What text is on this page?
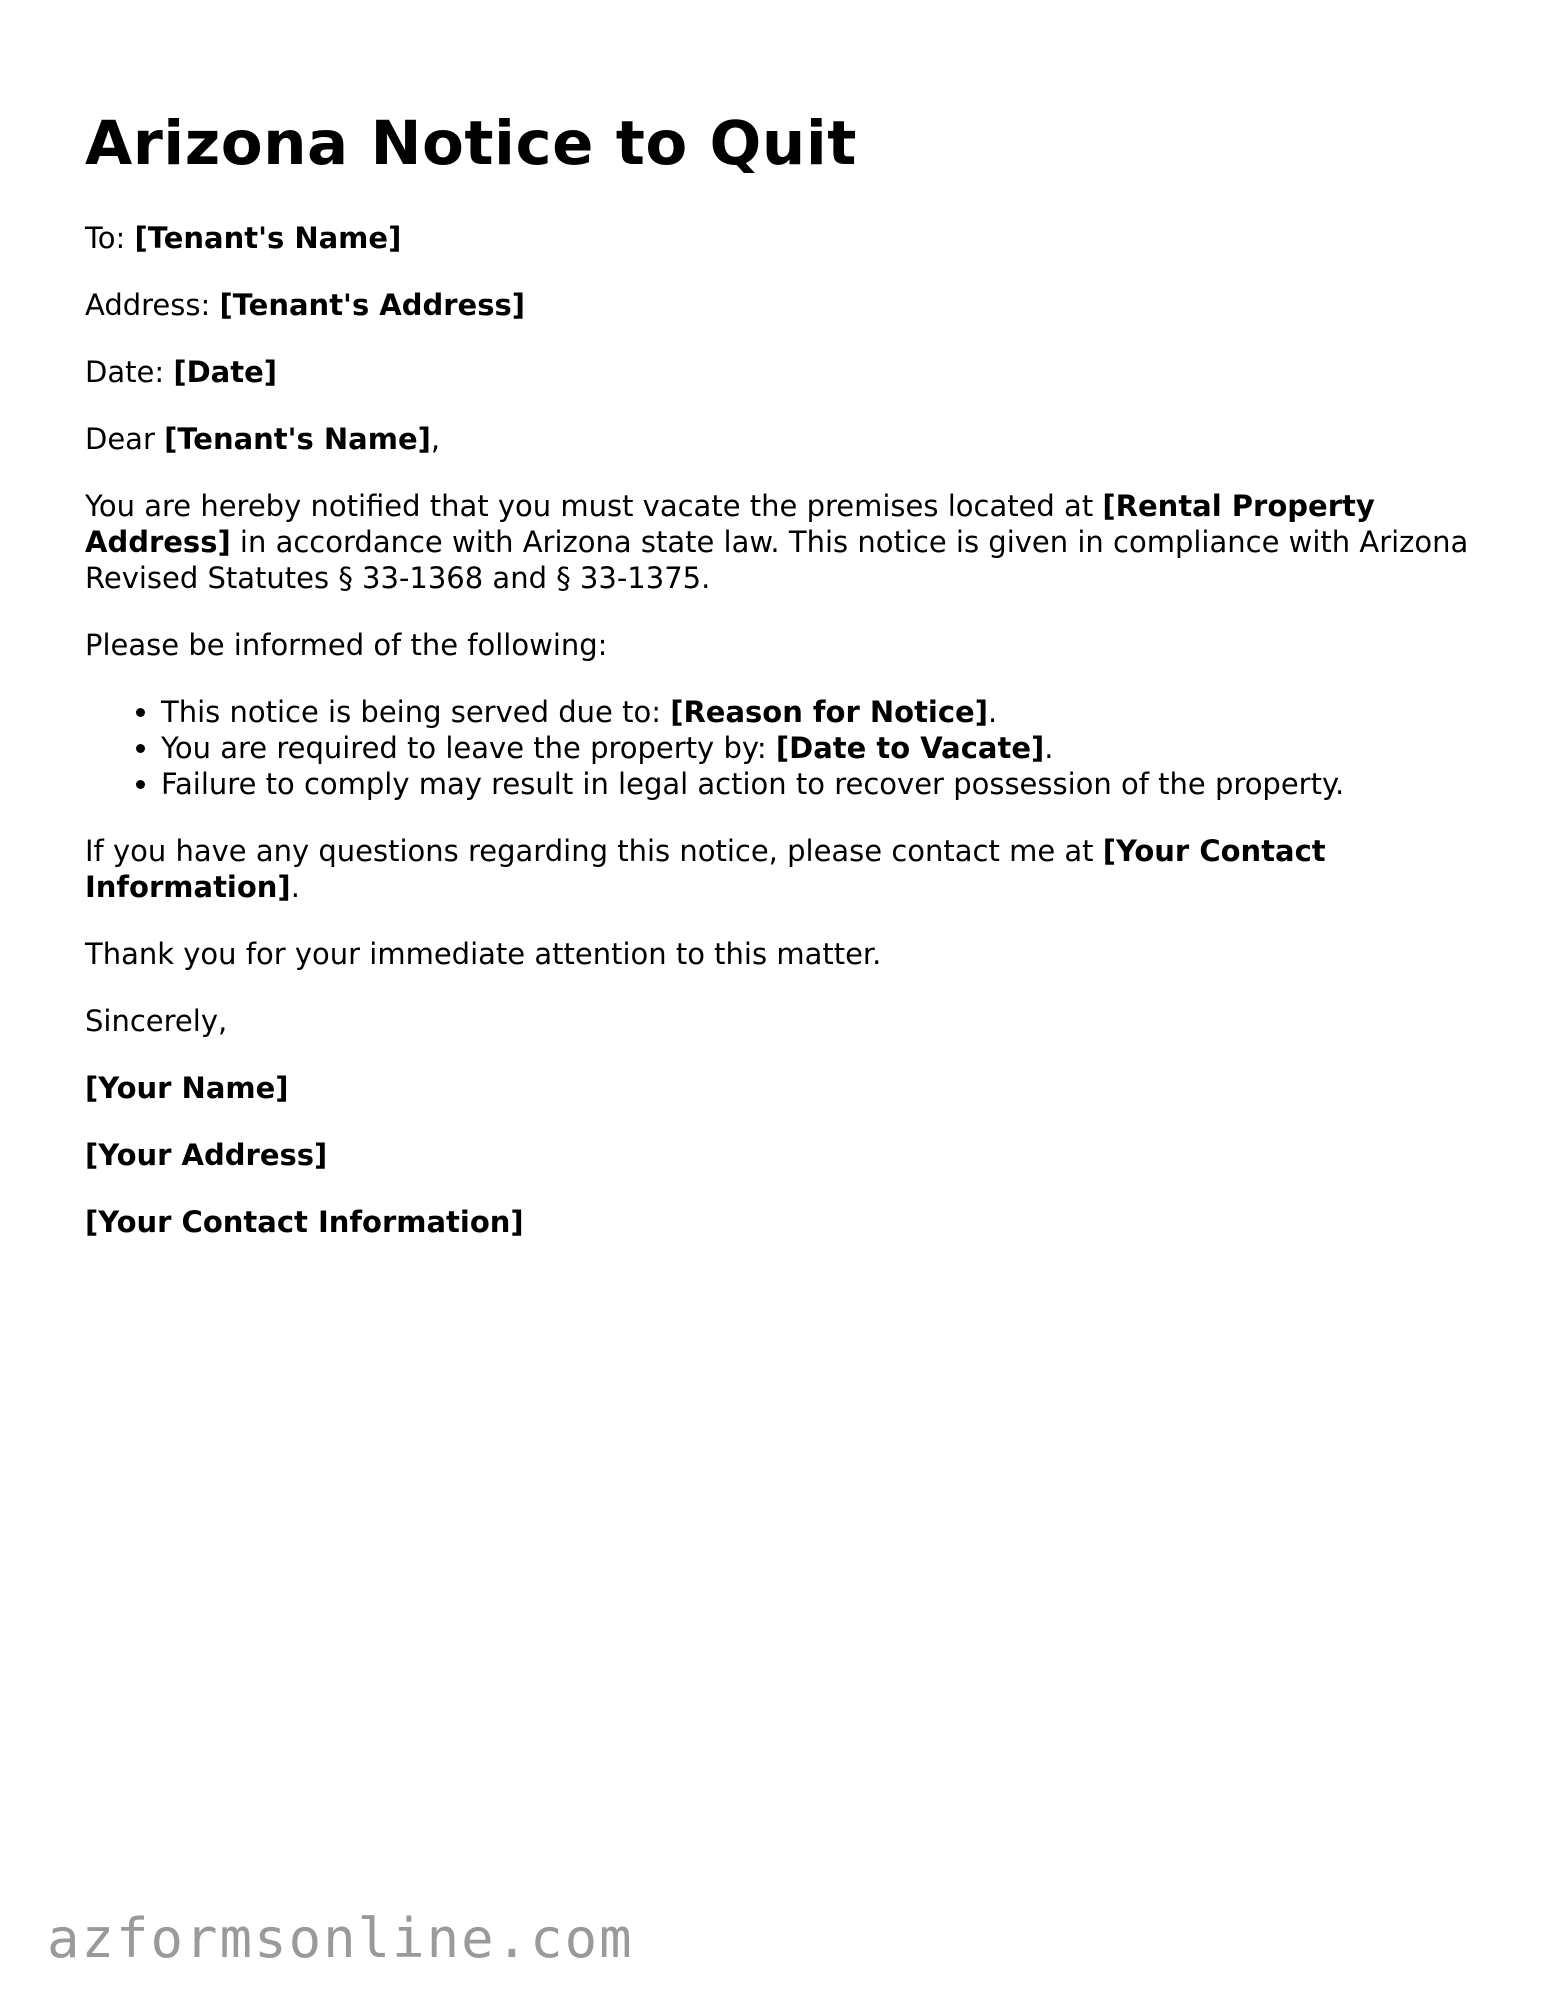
Arizona Notice to Quit

To: [Tenant's Name]

Address: [Tenant's Address]

Date: [Date]

Dear [Tenant's Name],

You are hereby notified that you must vacate the premises located at [Rental Property Address] in accordance with Arizona state law. This notice is given in compliance with Arizona Revised Statutes § 33-1368 and § 33-1375.

Please be informed of the following:

• This notice is being served due to: [Reason for Notice].
• You are required to leave the property by: [Date to Vacate].
• Failure to comply may result in legal action to recover possession of the property.

If you have any questions regarding this notice, please contact me at [Your Contact Information].

Thank you for your immediate attention to this matter.

Sincerely,

[Your Name]

[Your Address]

[Your Contact Information]

azformsonline.com
